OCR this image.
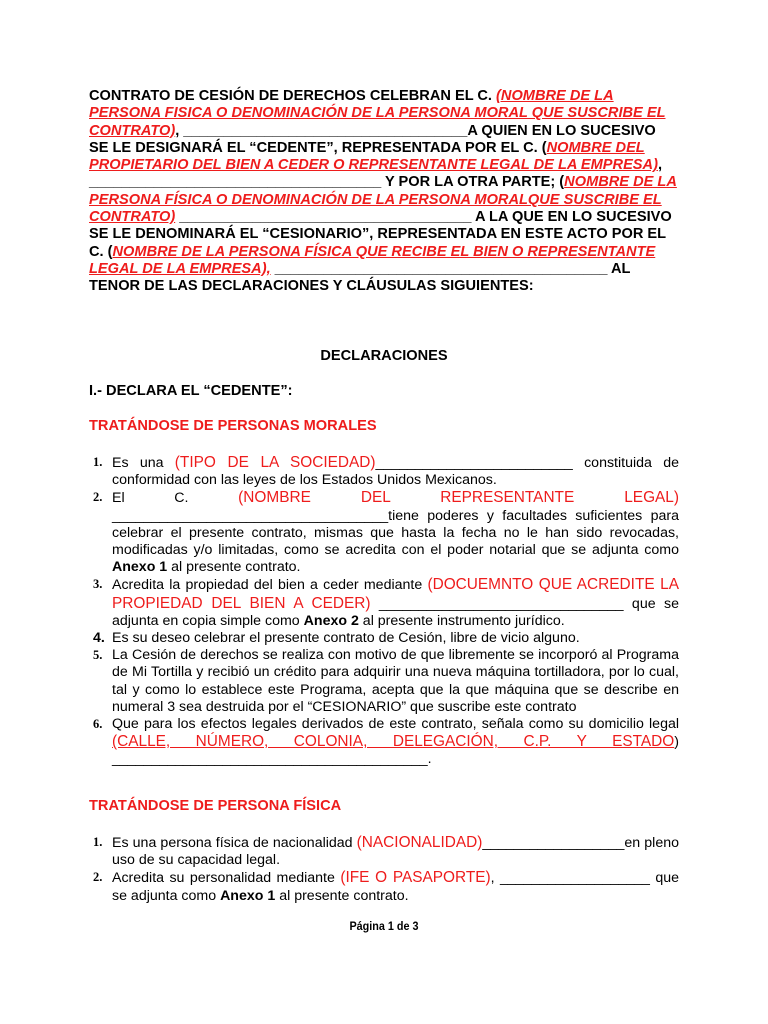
CONTRATO DE CESIÓN DE DERECHOS CELEBRAN EL C. (NOMBRE DE LA PERSONA FISICA O DENOMINACIÓN DE LA PERSONA MORAL QUE SUSCRIBE EL CONTRATO), ___________________________________A QUIEN EN LO SUCESIVO SE LE DESIGNARÁ EL “CEDENTE”, REPRESENTADA POR EL C. (NOMBRE DEL PROPIETARIO DEL BIEN A CEDER O REPRESENTANTE LEGAL DE LA EMPRESA), ____________________________________ Y POR LA OTRA PARTE; (NOMBRE DE LA PERSONA FÍSICA O DENOMINACIÓN DE LA PERSONA MORALQUE SUSCRIBE EL CONTRATO) ____________________________________ A LA QUE EN LO SUCESIVO SE LE DENOMINARÁ EL “CESIONARIO”, REPRESENTADA EN ESTE ACTO POR EL C. (NOMBRE DE LA PERSONA FÍSICA QUE RECIBE EL BIEN O REPRESENTANTE LEGAL DE LA EMPRESA), _________________________________________ AL TENOR DE LAS DECLARACIONES Y CLÁUSULAS SIGUIENTES:
DECLARACIONES
I.- DECLARA EL “CEDENTE”:
TRATÁNDOSE DE PERSONAS MORALES

1. Es una (TIPO DE LA SOCIEDAD)_________________________ constituida de conformidad con las leyes de los Estados Unidos Mexicanos.

2. El C. (NOMBRE DEL REPRESENTANTE LEGAL) ___________________________________tiene poderes y facultades suficientes para celebrar el presente contrato, mismas que hasta la fecha no le han sido revocadas, modificadas y/o limitadas, como se acredita con el poder notarial que se adjunta como Anexo 1 al presente contrato.

3. Acredita la propiedad del bien a ceder mediante (DOCUEMNTO QUE ACREDITE LA PROPIEDAD DEL BIEN A CEDER) _______________________________ que se adjunta en copia simple como Anexo 2 al presente instrumento jurídico.

4. Es su deseo celebrar el presente contrato de Cesión, libre de vicio alguno.

5. La Cesión de derechos se realiza con motivo de que libremente se incorporó al Programa de Mi Tortilla y recibió un crédito para adquirir una nueva máquina tortilladora, por lo cual, tal y como lo establece este Programa, acepta que la que máquina que se describe en numeral 3 sea destruida por el “CESIONARIO” que suscribe este contrato

6. Que para los efectos legales derivados de este contrato, señala como su domicilio legal (CALLE, NÚMERO, COLONIA, DELEGACIÓN, C.P. Y ESTADO) ________________________________________.

TRATÁNDOSE DE PERSONA FÍSICA

1. Es una persona física de nacionalidad (NACIONALIDAD)__________________en pleno uso de su capacidad legal.

2. Acredita su personalidad mediante (IFE O PASAPORTE), ___________________ que se adjunta como Anexo 1 al presente contrato.

Página 1 de 3
